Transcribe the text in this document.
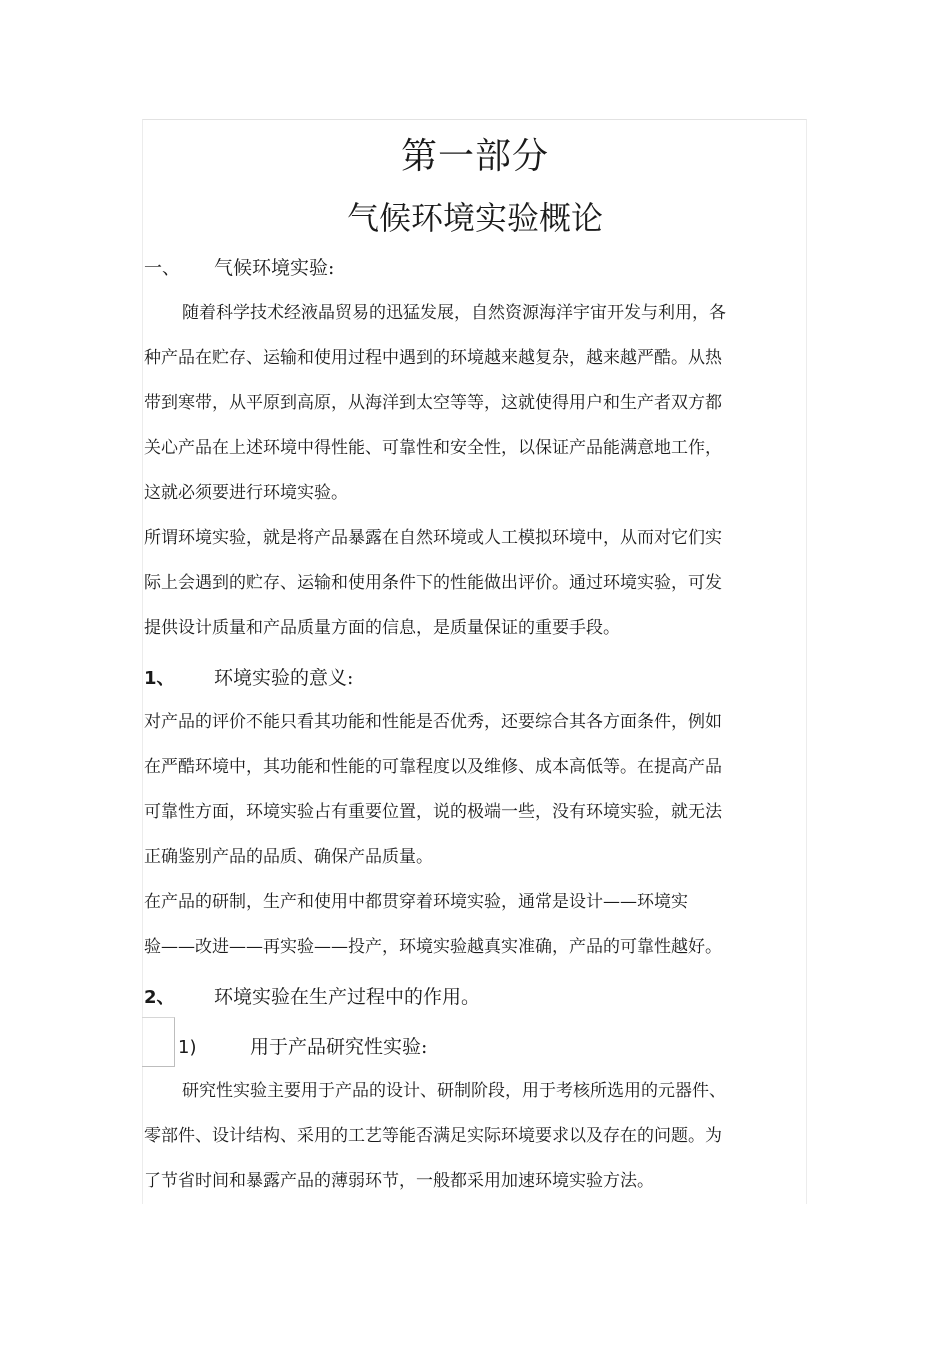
第一部分
气候环境实验概论
一、 气候环境实验:
随着科学技术经液晶贸易的迅猛发展，自然资源海洋宇宙开发与利用，各
种产品在贮存、运输和使用过程中遇到的环境越来越复杂，越来越严酷。从热
带到寒带，从平原到高原，从海洋到太空等等，这就使得用户和生产者双方都
关心产品在上述环境中得性能、可靠性和安全性，以保证产品能满意地工作，
这就必须要进行环境实验。
所谓环境实验，就是将产品暴露在自然环境或人工模拟环境中，从而对它们实
际上会遇到的贮存、运输和使用条件下的性能做出评价。通过环境实验，可发
提供设计质量和产品质量方面的信息，是质量保证的重要手段。
1、 环境实验的意义:
对产品的评价不能只看其功能和性能是否优秀，还要综合其各方面条件，例如
在严酷环境中，其功能和性能的可靠程度以及维修、成本高低等。在提高产品
可靠性方面，环境实验占有重要位置，说的极端一些，没有环境实验，就无法
正确鉴别产品的品质、确保产品质量。
在产品的研制，生产和使用中都贯穿着环境实验，通常是设计——环境实
验——改进——再实验——投产，环境实验越真实准确，产品的可靠性越好。
2、 环境实验在生产过程中的作用。
1)	用于产品研究性实验:
研究性实验主要用于产品的设计、研制阶段，用于考核所选用的元器件、
零部件、设计结构、采用的工艺等能否满足实际环境要求以及存在的问题。为
了节省时间和暴露产品的薄弱环节，一般都采用加速环境实验方法。
